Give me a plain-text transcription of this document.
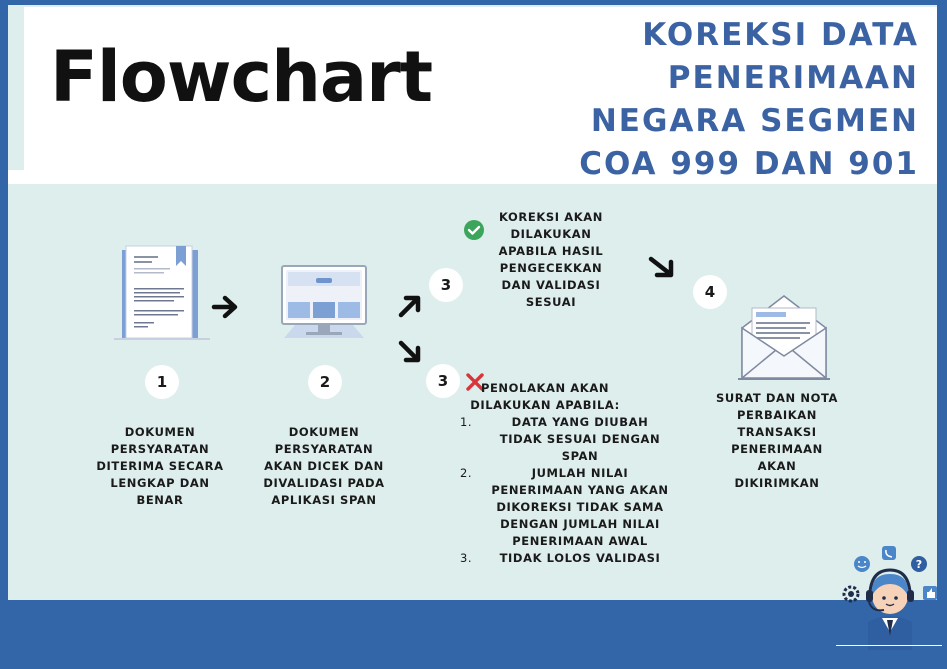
Flowchart
KOREKSI DATA
PENERIMAAN
NEGARA SEGMEN
COA 999 DAN 901
1	2
3
3
4
DOKUMEN
PERSYARATAN
DITERIMA SECARA
LENGKAP DAN
BENAR
DOKUMEN
PERSYARATAN
AKAN DICEK DAN
DIVALIDASI PADA
APLIKASI SPAN
KOREKSI AKAN
DILAKUKAN
APABILA HASIL
PENGECEKKAN
DAN VALIDASI
SESUAI
PENOLAKAN AKAN
DILAKUKAN APABILA:
1.	DATA YANG DIUBAH
TIDAK SESUAI DENGAN
SPAN
2.	JUMLAH NILAI
PENERIMAAN YANG AKAN
DIKOREKSI TIDAK SAMA
DENGAN JUMLAH NILAI
PENERIMAAN AWAL
3.	TIDAK LOLOS VALIDASI
SURAT DAN NOTA
PERBAIKAN
TRANSAKSI
PENERIMAAN
AKAN
DIKIRIMKAN
?
